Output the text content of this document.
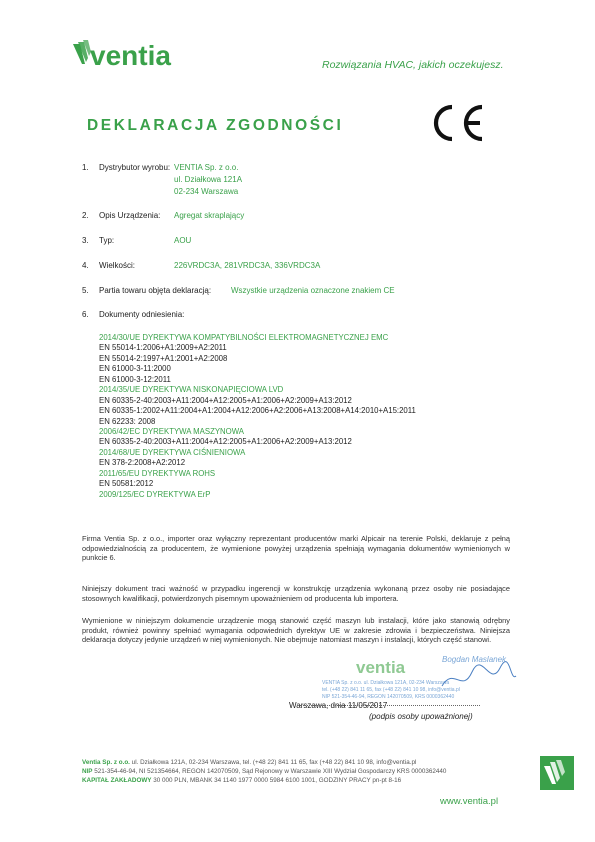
ventia	Rozwiązania HVAC, jakich oczekujesz.
DEKLARACJA ZGODNOŚCI
1. Dystrybutor wyrobu: VENTIA Sp. z o.o.
ul. Działkowa 121A
02-234 Warszawa
2. Opis Urządzenia: Agregat skraplający
3. Typ:	AOU
4. Wielkości:	226VRDC3A, 281VRDC3A, 336VRDC3A
5. Partia towaru objęta deklaracją: Wszystkie urządzenia oznaczone znakiem CE
6. Dokumenty odniesienia:
2014/30/UE DYREKTYWA KOMPATYBILNOŚCI ELEKTROMAGNETYCZNEJ EMC
EN 55014-1:2006+A1:2009+A2:2011
EN 55014-2:1997+A1:2001+A2:2008
EN 61000-3-11:2000
EN 61000-3-12:2011
2014/35/UE DYREKTYWA NISKONAPIĘCIOWA LVD
EN 60335-2-40:2003+A11:2004+A12:2005+A1:2006+A2:2009+A13:2012
EN 60335-1:2002+A11:2004+A1:2004+A12:2006+A2:2006+A13:2008+A14:2010+A15:2011
EN 62233: 2008
2006/42/EC DYREKTYWA MASZYNOWA
EN 60335-2-40:2003+A11:2004+A12:2005+A1:2006+A2:2009+A13:2012
2014/68/UE DYREKTYWA CIŚNIENIOWA
EN 378-2:2008+A2:2012
2011/65/EU DYREKTYWA ROHS
EN 50581:2012
2009/125/EC DYREKTYWA ErP
Firma Ventia Sp. z o.o., importer oraz wyłączny reprezentant producentów marki Alpicair na terenie Polski, deklaruje z pełną odpowiedzialnością za producentem, że wymienione powyżej urządzenia spełniają wymagania dokumentów wymienionych w punkcie 6.
Niniejszy dokument traci ważność w przypadku ingerencji w konstrukcję urządzenia wykonaną przez osoby nie posiadające stosownych kwalifikacji, potwierdzonych pisemnym upoważnieniem od producenta lub importera.
Wymienione w niniejszym dokumencie urządzenie mogą stanowić część maszyn lub instalacji, które jako stanowią odrębny produkt, również powinny spełniać wymagania odpowiednich dyrektyw UE w zakresie zdrowia i bezpieczeństwa. Niniejsza deklaracja dotyczy jedynie urządzeń w niej wymienionych. Nie obejmuje natomiast maszyn i instalacji, których część stanowi.
ventia
VENTIA Sp. z o.o. ul. Działkowa 121A, 02-234 Warszawa
tel. (+48 22) 841 11 65, fax (+48 22) 841 10 98, info@ventia.pl
NIP 521-354-46-94, REGON 142070509, KRS 0000362440
Bogdan Maslanek
Warszawa, dnia 11/05/2017
(podpis osoby upoważnionej)
Ventia Sp. z o.o. ul. Działkowa 121A, 02-234 Warszawa, tel. (+48 22) 841 11 65, fax (+48 22) 841 10 98, info@ventia.pl
NIP 521-354-46-94, NI 521354664, REGON 142070509, Sąd Rejonowy w Warszawie XIII Wydział Gospodarczy KRS 0000362440
KAPITAŁ ZAKŁADOWY 30 000 PLN, MBANK 34 1140 1977 0000 5984 6100 1001, GODZINY PRACY pn-pt 8-16
www.ventia.pl
